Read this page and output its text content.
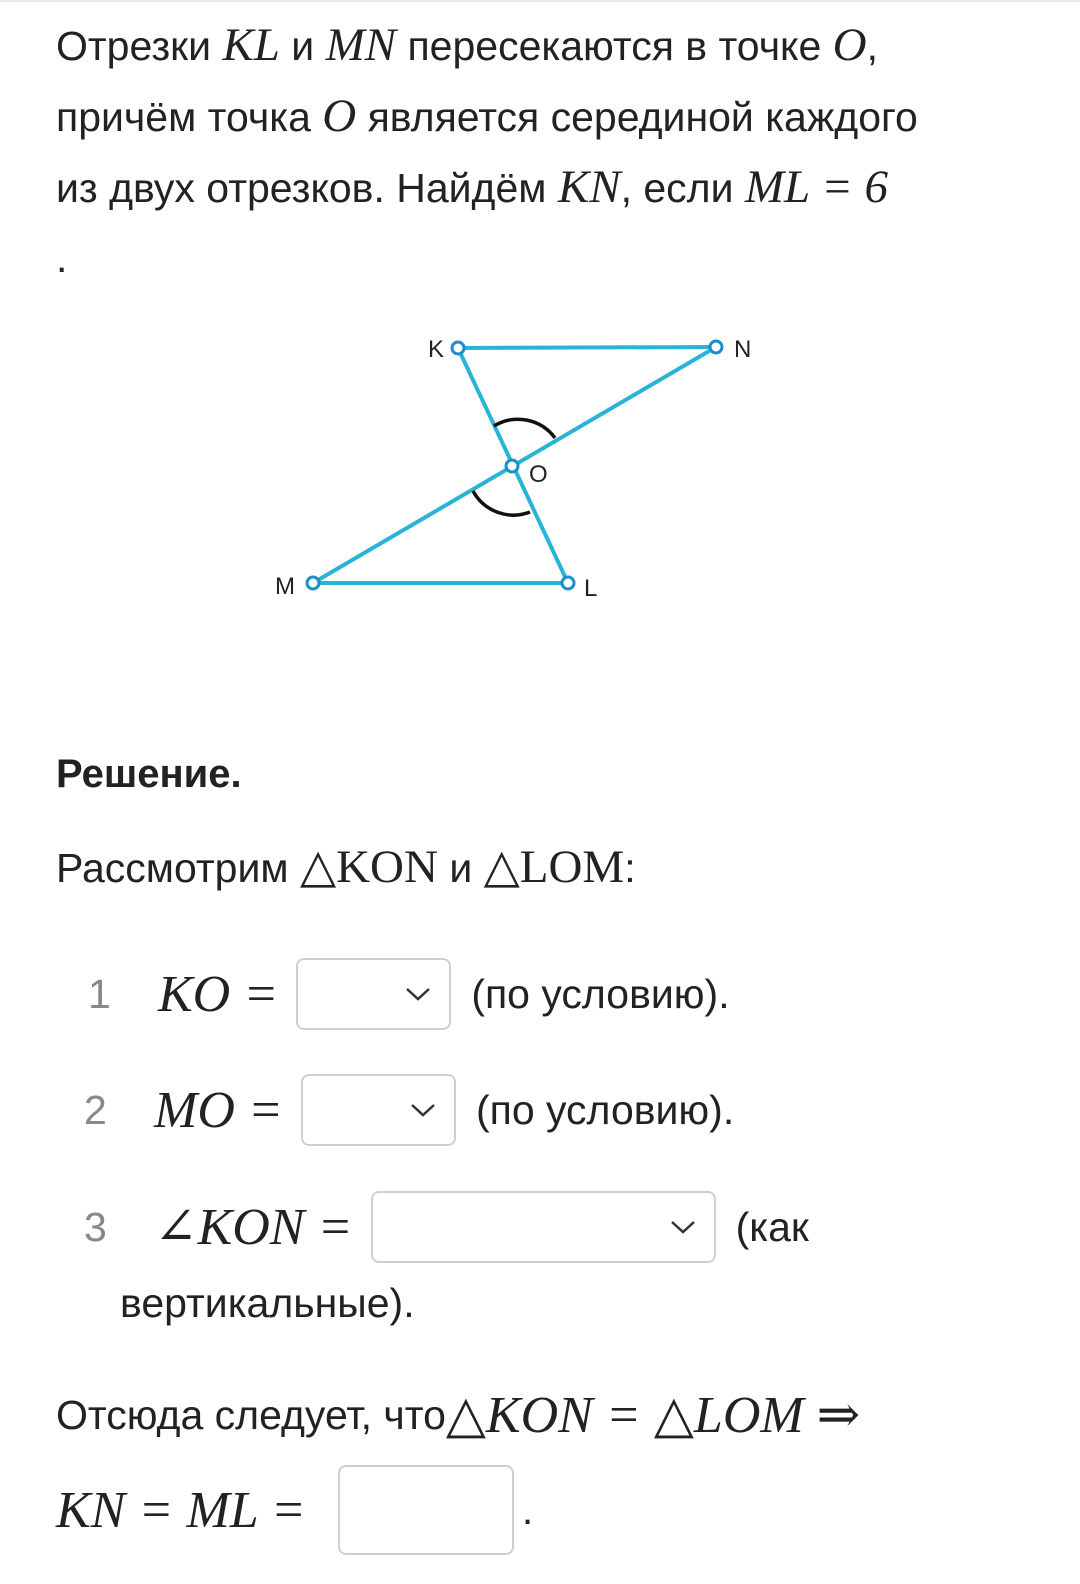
Отрезки KL и MN пересекаются в точке O,

причём точка O является серединой каждого

из двух отрезков. Найдём KN, если ML = 6

.

K	N
O
M	L
Решение.
Рассмотрим △KON и △LOM:
1 KO =	(по условию).
2 MO =	(по условию).
3 ∠KON =	(как
вертикальные).
Отсюда следует, что △KON = △LOM ⇒
KN = ML =	.
